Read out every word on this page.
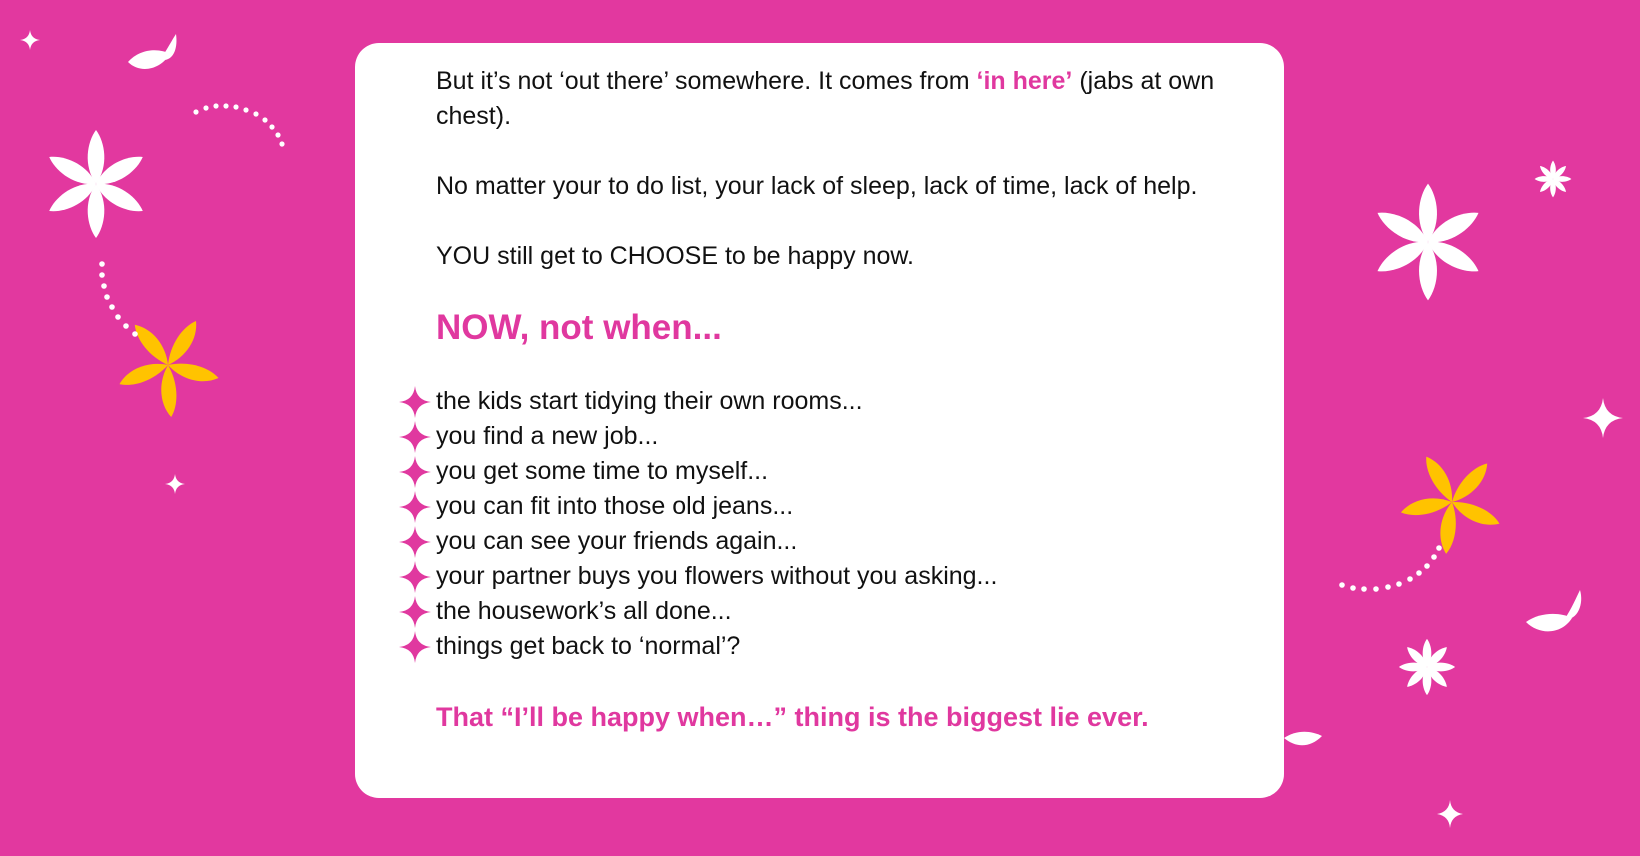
But it’s not ‘out there’ somewhere. It comes from ‘in here’ (jabs at own chest).

No matter your to do list, your lack of sleep, lack of time, lack of help.

YOU still get to CHOOSE to be happy now.

NOW, not when...
the kids start tidying their own rooms...
you find a new job...
you get some time to myself...
you can fit into those old jeans...
you can see your friends again...
your partner buys you flowers without you asking...
the housework’s all done...
things get back to ‘normal’?

That “I’ll be happy when…” thing is the biggest lie ever.
